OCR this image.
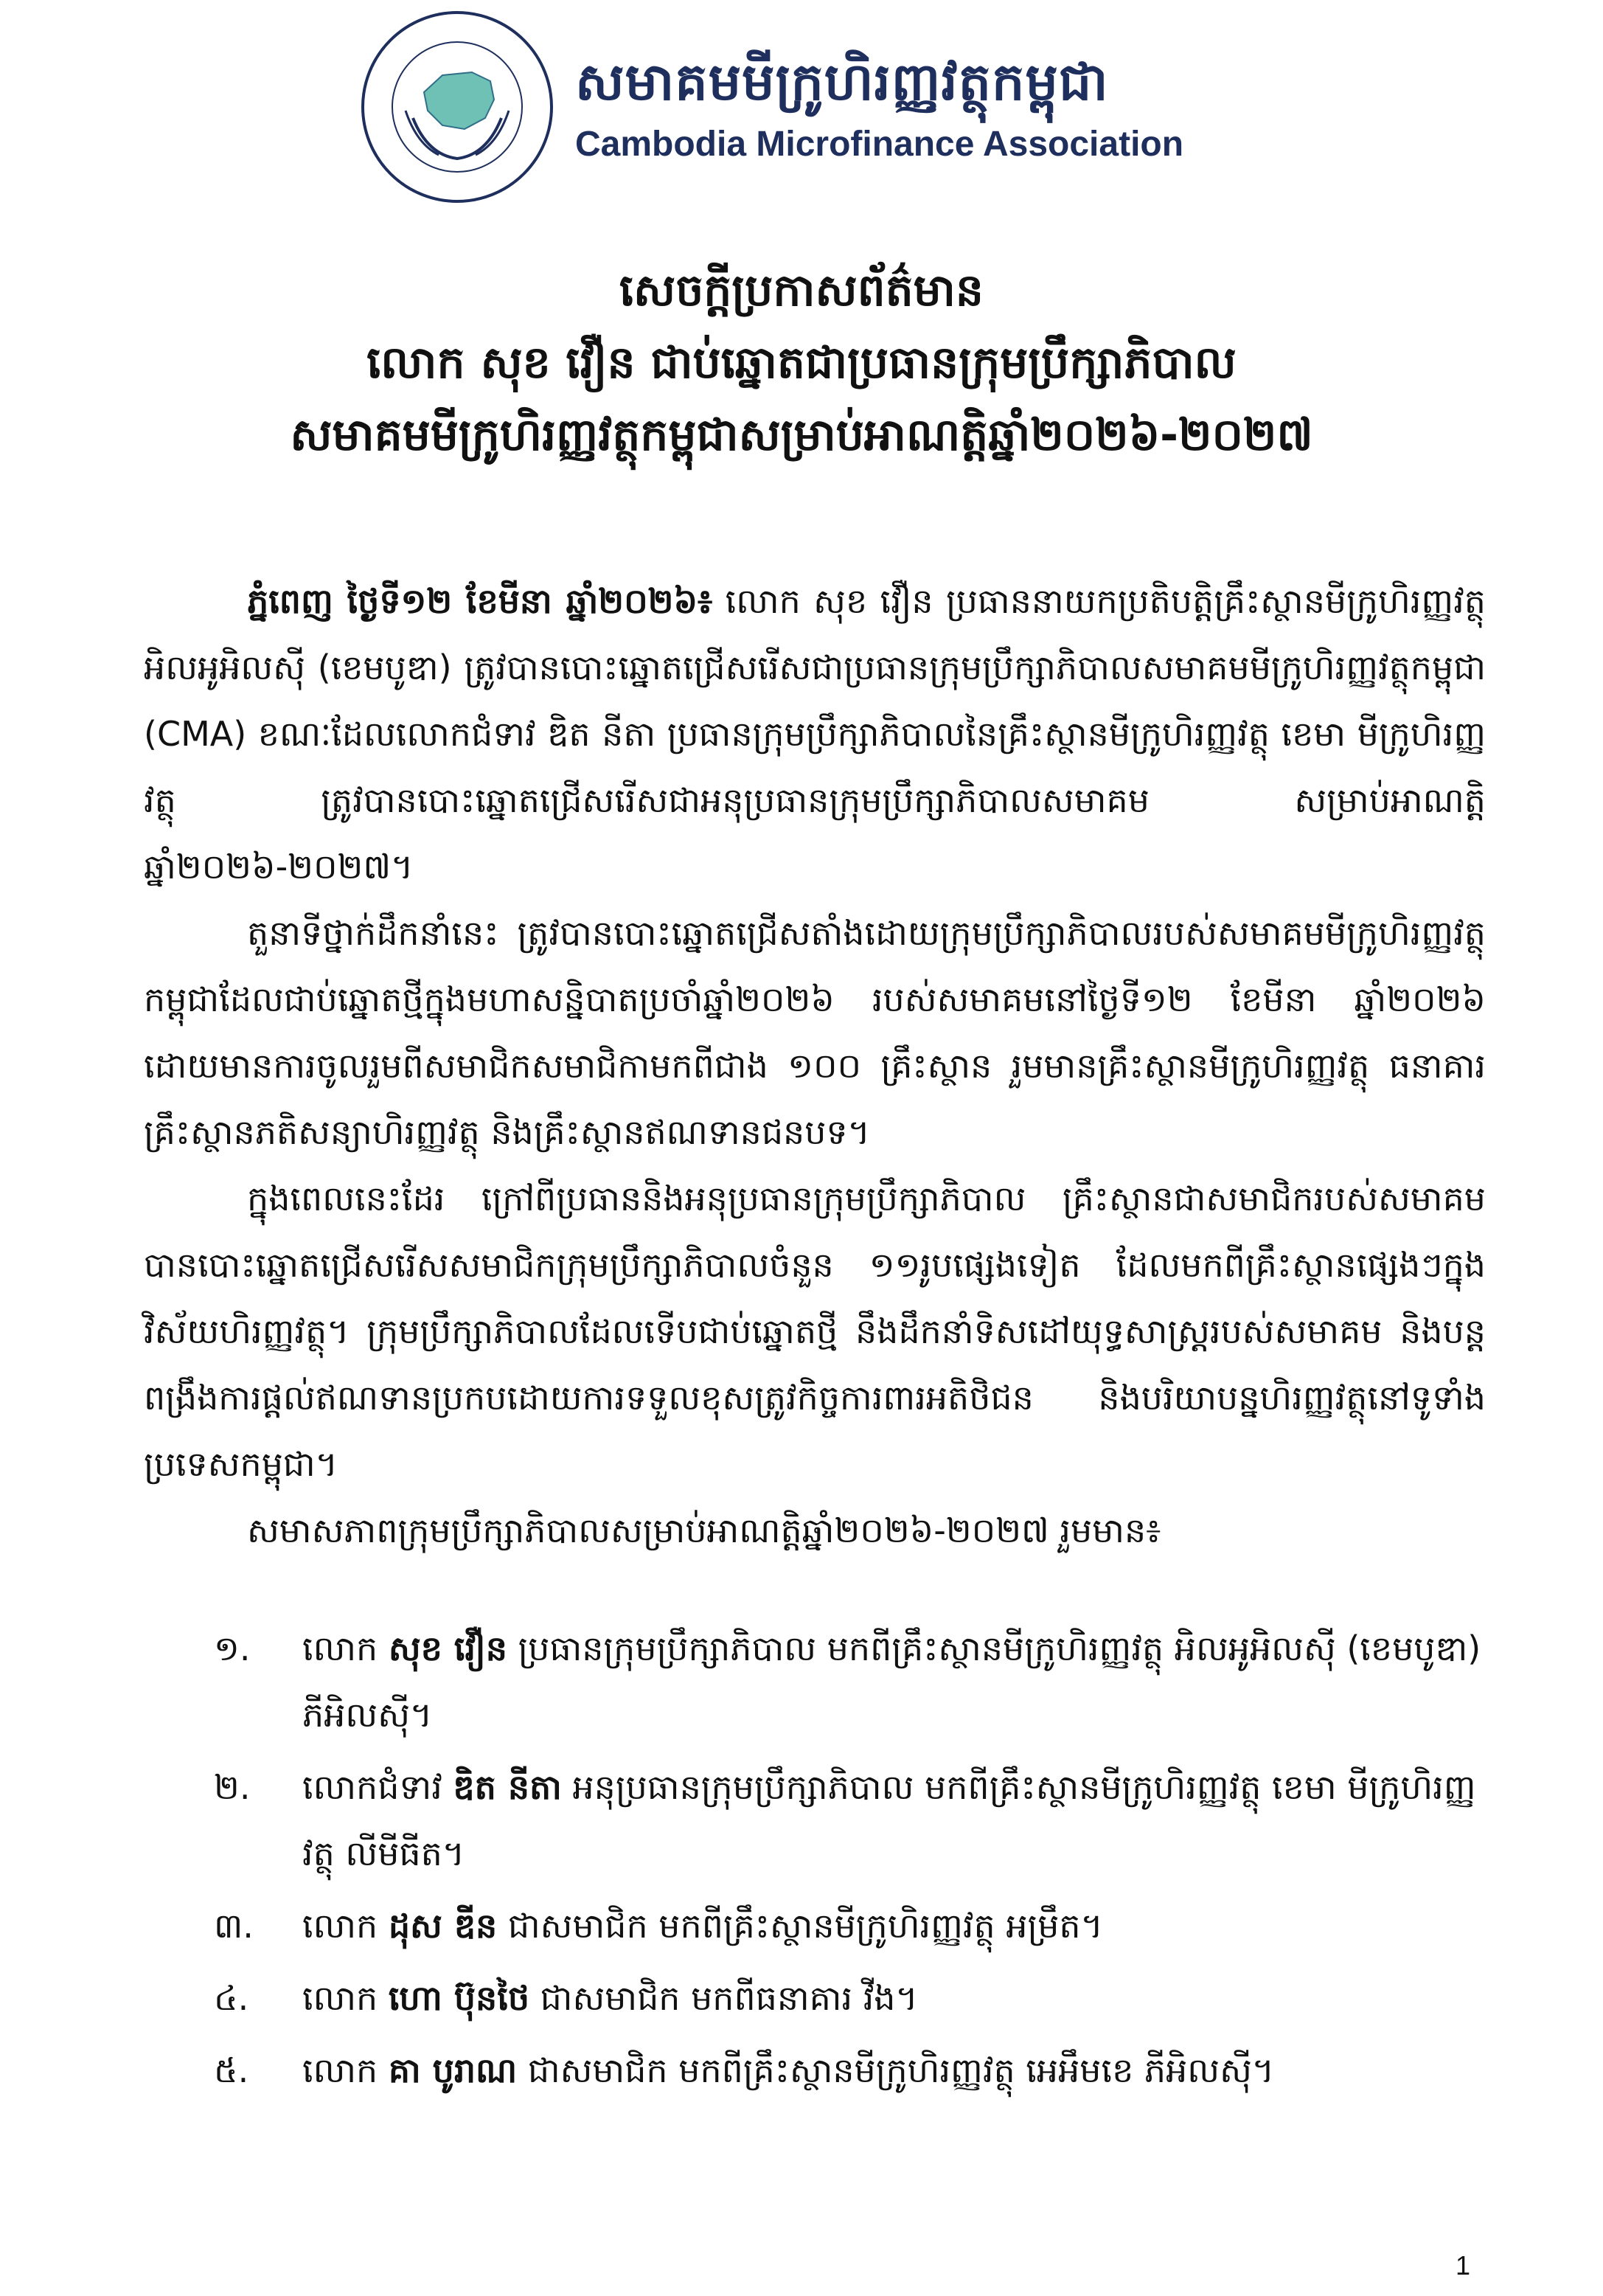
សមាគមមីក្រូហិរញ្ញវត្ថុកម្ពុជា
Cambodia Microfinance Association
សេចក្តីប្រកាសព័ត៌មាន
លោក សុខ វឿន ជាប់ឆ្នោតជាប្រធានក្រុមប្រឹក្សាភិបាល
សមាគមមីក្រូហិរញ្ញវត្ថុកម្ពុជាសម្រាប់អាណត្តិឆ្នាំ២០២៦-២០២៧

ភ្នំពេញ ថ្ងៃទី១២ ខែមីនា ឆ្នាំ២០២៦៖ លោក សុខ វឿន ប្រធាននាយកប្រតិបត្តិគ្រឹះស្ថានមីក្រូហិរញ្ញវត្ថុ អិលអូអិលស៊ី (ខេមបូឌា) ត្រូវបានបោះឆ្នោតជ្រើសរើសជាប្រធានក្រុមប្រឹក្សាភិបាលសមាគមមីក្រូហិរញ្ញវត្ថុកម្ពុជា (CMA) ខណៈដែលលោកជំទាវ ឌិត នីតា ប្រធានក្រុមប្រឹក្សាភិបាលនៃគ្រឹះស្ថានមីក្រូហិរញ្ញវត្ថុ ខេមា មីក្រូហិរញ្ញវត្ថុ ត្រូវបានបោះឆ្នោតជ្រើសរើសជាអនុប្រធានក្រុមប្រឹក្សាភិបាលសមាគម សម្រាប់អាណត្តិឆ្នាំ២០២៦-២០២៧។

តួនាទីថ្នាក់ដឹកនាំនេះ ត្រូវបានបោះឆ្នោតជ្រើសតាំងដោយក្រុមប្រឹក្សាភិបាលរបស់សមាគមមីក្រូហិរញ្ញវត្ថុកម្ពុជាដែលជាប់ឆ្នោតថ្មីក្នុងមហាសន្និបាតប្រចាំឆ្នាំ២០២៦ របស់សមាគមនៅថ្ងៃទី១២ ខែមីនា ឆ្នាំ២០២៦ ដោយមានការចូលរួមពីសមាជិកសមាជិកាមកពីជាង ១០០ គ្រឹះស្ថាន រួមមានគ្រឹះស្ថានមីក្រូហិរញ្ញវត្ថុ ធនាគារ គ្រឹះស្ថានភតិសន្យាហិរញ្ញវត្ថុ និងគ្រឹះស្ថានឥណទានជនបទ។

ក្នុងពេលនេះដែរ ក្រៅពីប្រធាននិងអនុប្រធានក្រុមប្រឹក្សាភិបាល គ្រឹះស្ថានជាសមាជិករបស់សមាគមបានបោះឆ្នោតជ្រើសរើសសមាជិកក្រុមប្រឹក្សាភិបាលចំនួន ១១រូបផ្សេងទៀត ដែលមកពីគ្រឹះស្ថានផ្សេងៗក្នុងវិស័យហិរញ្ញវត្ថុ។ ក្រុមប្រឹក្សាភិបាលដែលទើបជាប់ឆ្នោតថ្មី នឹងដឹកនាំទិសដៅយុទ្ធសាស្ត្ររបស់សមាគម និងបន្តពង្រឹងការផ្តល់ឥណទានប្រកបដោយការទទួលខុសត្រូវកិច្ចការពារអតិថិជន និងបរិយាបន្នហិរញ្ញវត្ថុនៅទូទាំងប្រទេសកម្ពុជា។

សមាសភាពក្រុមប្រឹក្សាភិបាលសម្រាប់អាណត្តិឆ្នាំ២០២៦-២០២៧ រួមមាន៖

១. លោក សុខ វឿន ប្រធានក្រុមប្រឹក្សាភិបាល មកពីគ្រឹះស្ថានមីក្រូហិរញ្ញវត្ថុ អិលអូអិលស៊ី (ខេមបូឌា) ភីអិលស៊ី។
២. លោកជំទាវ ឌិត នីតា អនុប្រធានក្រុមប្រឹក្សាភិបាល មកពីគ្រឹះស្ថានមីក្រូហិរញ្ញវត្ថុ ខេមា មីក្រូហិរញ្ញវត្ថុ លីមីធីត។
៣. លោក ដុស ឌីន ជាសមាជិក មកពីគ្រឹះស្ថានមីក្រូហិរញ្ញវត្ថុ អម្រឹត។
៤. លោក ហោ ប៊ុនថៃ ជាសមាជិក មកពីធនាគារ វីង។
៥. លោក គា បូរាណ ជាសមាជិក មកពីគ្រឹះស្ថានមីក្រូហិរញ្ញវត្ថុ អេអឹមខេ ភីអិលស៊ី។
1
